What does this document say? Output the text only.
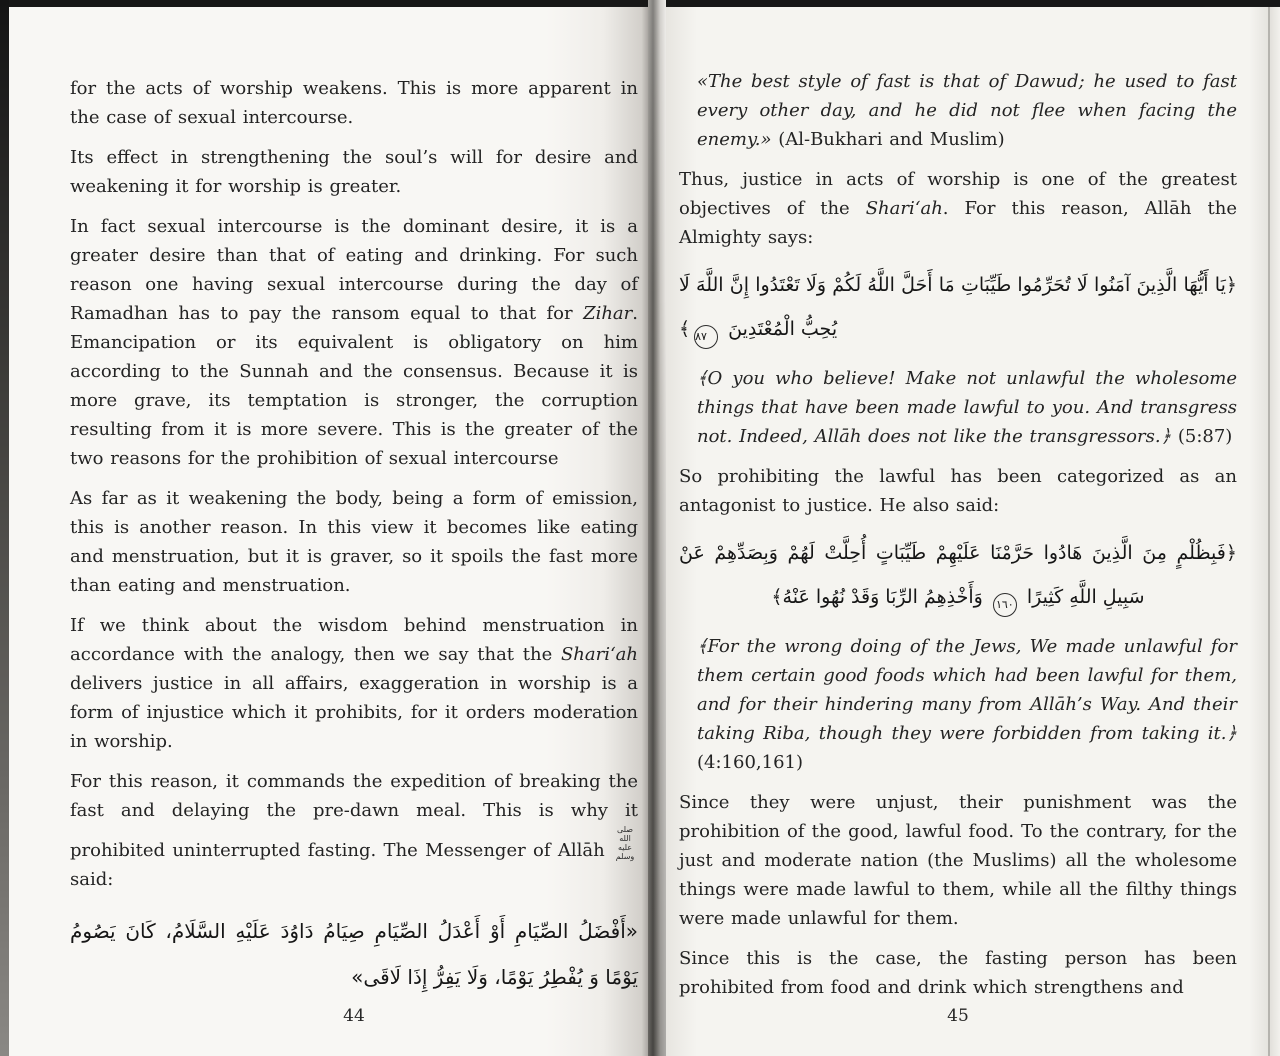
for the acts of worship weakens. This is more apparent in the case of sexual intercourse.

Its effect in strengthening the soul’s will for desire and weakening it for worship is greater.

In fact sexual intercourse is the dominant desire, it is a greater desire than that of eating and drinking. For such reason one having sexual intercourse during the day of Ramadhan has to pay the ransom equal to that for Zihar. Emancipation or its equivalent is obligatory on him according to the Sunnah and the consensus. Because it is more grave, its temptation is stronger, the corruption resulting from it is more severe. This is the greater of the two reasons for the prohibition of sexual intercourse

As far as it weakening the body, being a form of emission, this is another reason. In this view it becomes like eating and menstruation, but it is graver, so it spoils the fast more than eating and menstruation.

If we think about the wisdom behind menstruation in accordance with the analogy, then we say that the Shari‘ah delivers justice in all affairs, exaggeration in worship is a form of injustice which it prohibits, for it orders moderation in worship.

For this reason, it commands the expedition of breaking the fast and delaying the pre-dawn meal. This is why it prohibited uninterrupted fasting. The Messenger of Allāh صلى الله عليه وسلم said:

«أَفْضَلُ الصِّيَامِ أَوْ أَعْدَلُ الصِّيَامِ صِيَامُ دَاوُدَ عَلَيْهِ السَّلَامُ، كَانَ يَصُومُ يَوْمًا وَ يُفْطِرُ يَوْمًا، وَلَا يَفِرُّ إِذَا لَاقَى»
44

«The best style of fast is that of Dawud; he used to fast every other day, and he did not flee when facing the enemy.» (Al-Bukhari and Muslim)

Thus, justice in acts of worship is one of the greatest objectives of the Shari‘ah. For this reason, Allāh the Almighty says:

﴿يَا أَيُّهَا الَّذِينَ آمَنُوا لَا تُحَرِّمُوا طَيِّبَاتِ مَا أَحَلَّ اللَّهُ لَكُمْ وَلَا تَعْتَدُوا إِنَّ اللَّهَ لَا يُحِبُّ الْمُعْتَدِينَ ٨٧﴾

﴾O you who believe! Make not unlawful the wholesome things that have been made lawful to you. And transgress not. Indeed, Allāh does not like the transgressors.﴿ (5:87)

So prohibiting the lawful has been categorized as an antagonist to justice. He also said:

﴿فَبِظُلْمٍ مِنَ الَّذِينَ هَادُوا حَرَّمْنَا عَلَيْهِمْ طَيِّبَاتٍ أُحِلَّتْ لَهُمْ وَبِصَدِّهِمْ عَنْ سَبِيلِ اللَّهِ كَثِيرًا ١٦٠ وَأَخْذِهِمُ الرِّبَا وَقَدْ نُهُوا عَنْهُ﴾

﴾For the wrong doing of the Jews, We made unlawful for them certain good foods which had been lawful for them, and for their hindering many from Allāh’s Way. And their taking Riba, though they were forbidden from taking it.﴿ (4:160,161)

Since they were unjust, their punishment was the prohibition of the good, lawful food. To the contrary, for the just and moderate nation (the Muslims) all the wholesome things were made lawful to them, while all the filthy things were made unlawful for them.

Since this is the case, the fasting person has been prohibited from food and drink which strengthens and

45
